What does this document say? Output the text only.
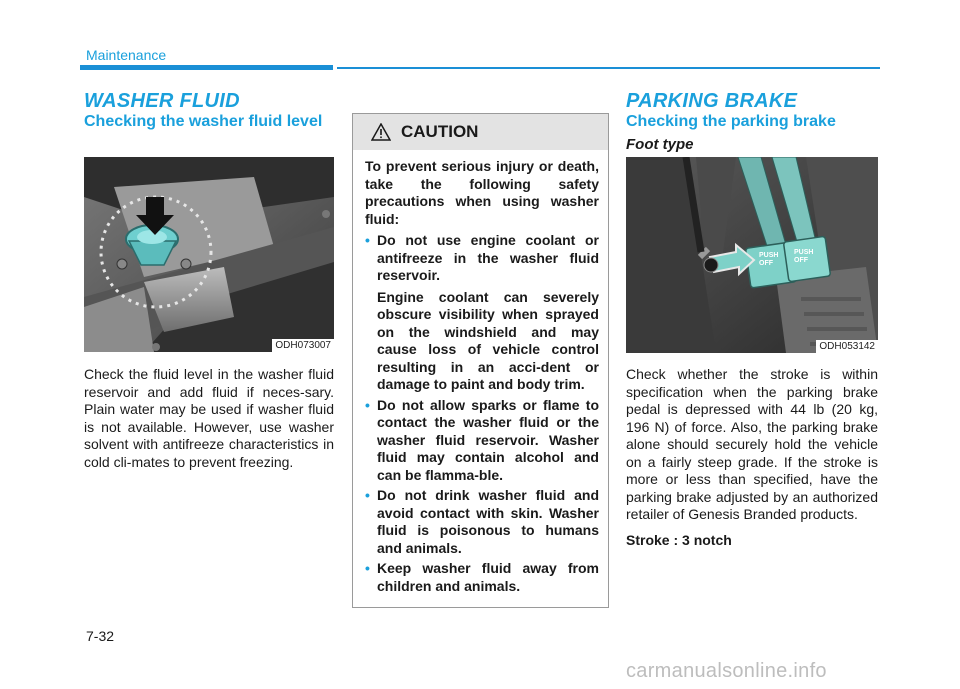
Maintenance
WASHER FLUID
Checking the washer fluid level
ODH073007
Check the fluid level in the washer fluid reservoir and add fluid if neces-sary. Plain water may be used if washer fluid is not available. However, use washer solvent with antifreeze characteristics in cold cli-mates to prevent freezing.
CAUTION

To prevent serious injury or death, take the following safety precautions when using washer fluid:

• Do not use engine coolant or antifreeze in the washer fluid reservoir.
Engine coolant can severely obscure visibility when sprayed on the windshield and may cause loss of vehicle control resulting in an acci-dent or damage to paint and body trim.
• Do not allow sparks or flame to contact the washer fluid or the washer fluid reservoir. Washer fluid may contain alcohol and can be flamma-ble.
• Do not drink washer fluid and avoid contact with skin. Washer fluid is poisonous to humans and animals.
• Keep washer fluid away from children and animals.
PARKING BRAKE
Checking the parking brake
Foot type
PUSH
OFF
PUSH
OFF
ODH053142
Check whether the stroke is within specification when the parking brake pedal is depressed with 44 lb (20 kg, 196 N) of force. Also, the parking brake alone should securely hold the vehicle on a fairly steep grade. If the stroke is more or less than specified, have the parking brake adjusted by an authorized retailer of Genesis Branded products.
Stroke : 3 notch
7-32
carmanualsonline.info
